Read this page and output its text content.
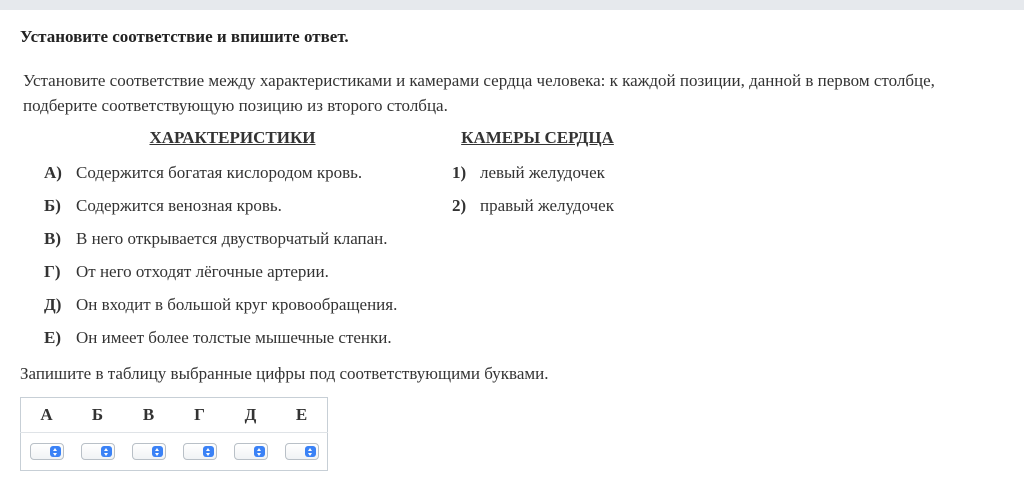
Установите соответствие и впишите ответ.
Установите соответствие между характеристиками и камерами сердца человека: к каждой позиции, данной в первом столбце, подберите соответствующую позицию из второго столбца.
ХАРАКТЕРИСТИКИ	КАМЕРЫ СЕРДЦА
А) Содержится богатая кислородом кровь.
Б) Содержится венозная кровь.
В) В него открывается двустворчатый клапан.
Г) От него отходят лёгочные артерии.
Д) Он входит в большой круг кровообращения.
Е) Он имеет более толстые мышечные стенки.
1) левый желудочек
2) правый желудочек
Запишите в таблицу выбранные цифры под соответствующими буквами.
А	Б	В	Г	Д	Е
